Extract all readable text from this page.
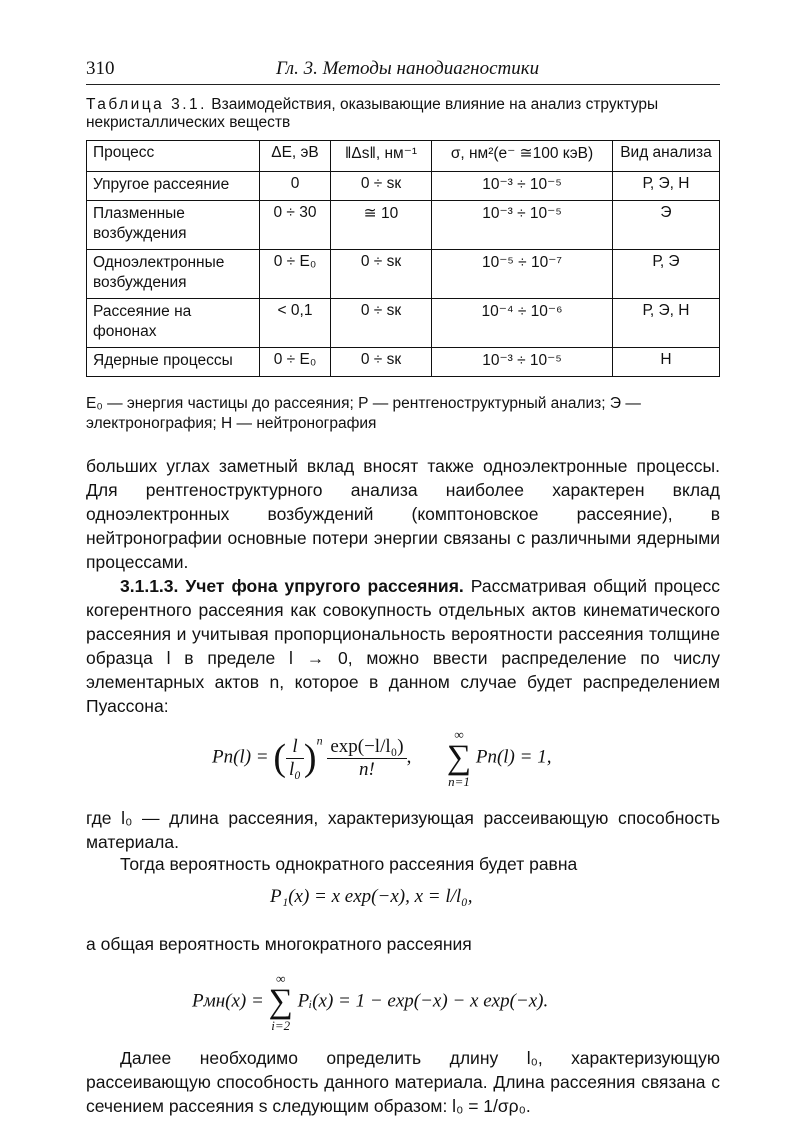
310	Гл. 3. Методы нанодиагностики
Таблица 3.1. Взаимодействия, оказывающие влияние на анализ структуры некристаллических веществ
Процесс	ΔE, эВ	‖Δs‖, нм⁻¹	σ, нм²(e⁻ ≅100 кэВ)	Вид анализа
Упругое рассеяние	0	0 ÷ sк	10⁻³ ÷ 10⁻⁵	Р, Э, Н
Плазменные возбуждения	0 ÷ 30	≅ 10	10⁻³ ÷ 10⁻⁵	Э
Одноэлектронные возбуждения	0 ÷ E₀	0 ÷ sк	10⁻⁵ ÷ 10⁻⁷	Р, Э
Рассеяние на фононах	< 0,1	0 ÷ sк	10⁻⁴ ÷ 10⁻⁶	Р, Э, Н
Ядерные процессы	0 ÷ E₀	0 ÷ sк	10⁻³ ÷ 10⁻⁵	Н
E₀ — энергия частицы до рассеяния; Р — рентгеноструктурный анализ; Э — электронография; Н — нейтронография
больших углах заметный вклад вносят также одноэлектронные процессы. Для рентгеноструктурного анализа наиболее характерен вклад одноэлектронных возбуждений (комптоновское рассеяние), в нейтронографии основные потери энергии связаны с различными ядерными процессами.
3.1.1.3. Учет фона упругого рассеяния. Рассматривая общий процесс когерентного рассеяния как совокупность отдельных актов кинематического рассеяния и учитывая пропорциональность вероятности рассеяния толщине образца l в пределе l → 0, можно ввести распределение по числу элементарных актов n, которое в данном случае будет распределением Пуассона:
Pn(l) = ( $\frac{l}{\text{l₀}} )^n \frac{\text{exp(−l/l₀)}}{n!}$ ,
∞
∑
n=1
Pn(l) = 1,
где l₀ — длина рассеяния, характеризующая рассеивающую способность материала.
Тогда вероятность однократного рассеяния будет равна
P₁(x) = x exp(−x), x = l/l₀,
а общая вероятность многократного рассеяния
Pмн(x) =
∞
∑
i=2
Pᵢ(x) = 1 − exp(−x) − x exp(−x).
Далее необходимо определить длину l₀, характеризующую рассеивающую способность данного материала. Длина рассеяния связана с сечением рассеяния s следующим образом: l₀ = 1/σρ₀.
